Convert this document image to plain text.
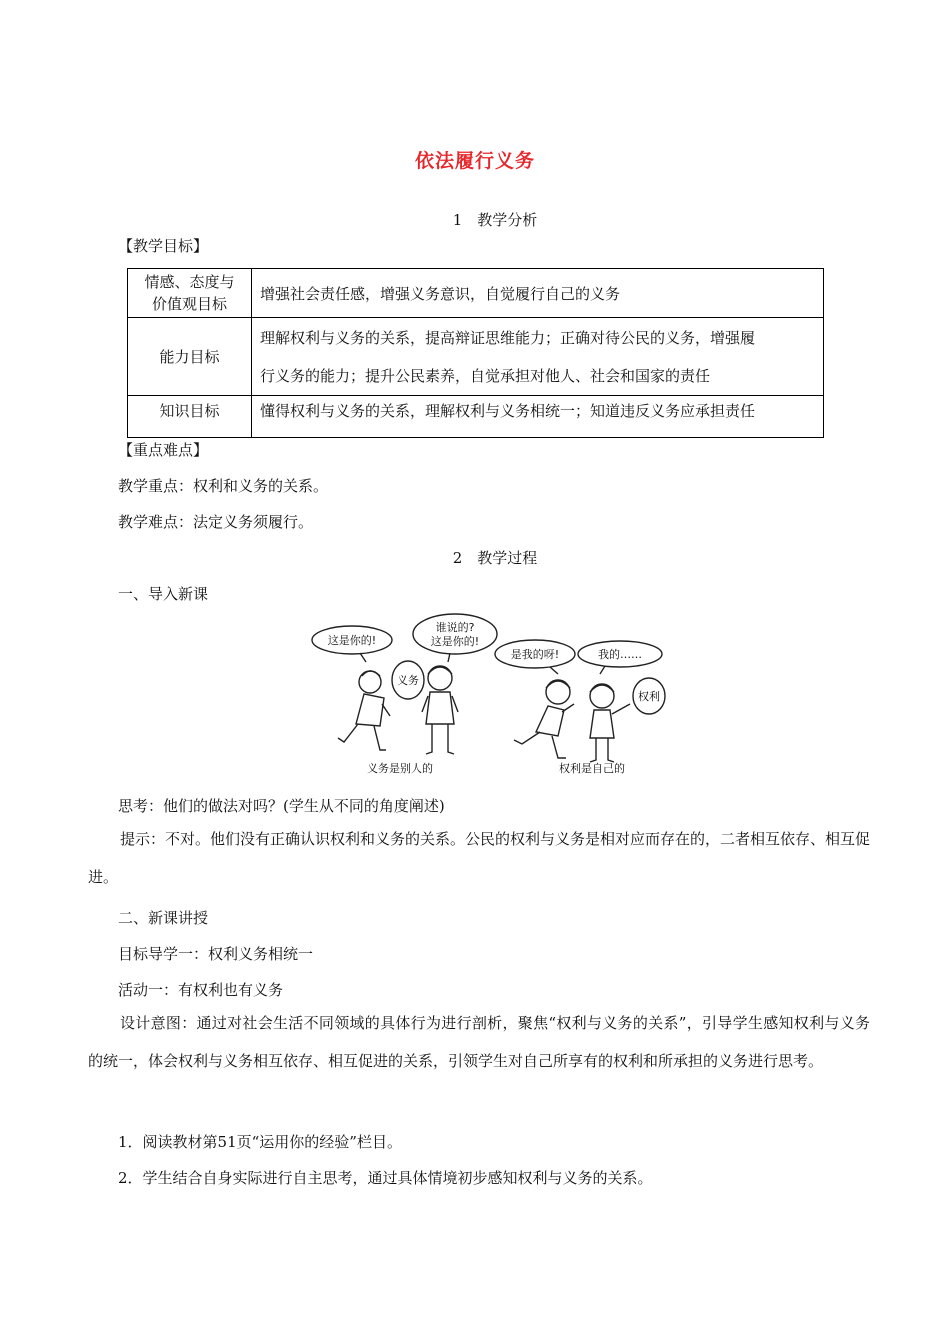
依法履行义务
1　教学分析
【教学目标】
情感、态度与
价值观目标	增强社会责任感，增强义务意识，自觉履行自己的义务
能力目标	理解权利与义务的关系，提高辩证思维能力；正确对待公民的义务，增强履
行义务的能力；提升公民素养，自觉承担对他人、社会和国家的责任

知识目标	懂得权利与义务的关系，理解权利与义务相统一；知道违反义务应承担责任
【重点难点】
教学重点：权利和义务的关系。
教学难点：法定义务须履行。
2　教学过程
一、导入新课
这是你的!
谁说的?
这是你的!
是我的呀!	我的……
义务
权利
义务是别人的	权利是自己的
思考：他们的做法对吗？(学生从不同的角度阐述)
提示：不对。他们没有正确认识权利和义务的关系。公民的权利与义务是相对应而存在的，二者相互依存、相互促进。
二、新课讲授
目标导学一：权利义务相统一
活动一：有权利也有义务
设计意图：通过对社会生活不同领域的具体行为进行剖析，聚焦“权利与义务的关系”，引导学生感知权利与义务的统一，体会权利与义务相互依存、相互促进的关系，引领学生对自己所享有的权利和所承担的义务进行思考。
1．阅读教材第51页“运用你的经验”栏目。
2．学生结合自身实际进行自主思考，通过具体情境初步感知权利与义务的关系。
